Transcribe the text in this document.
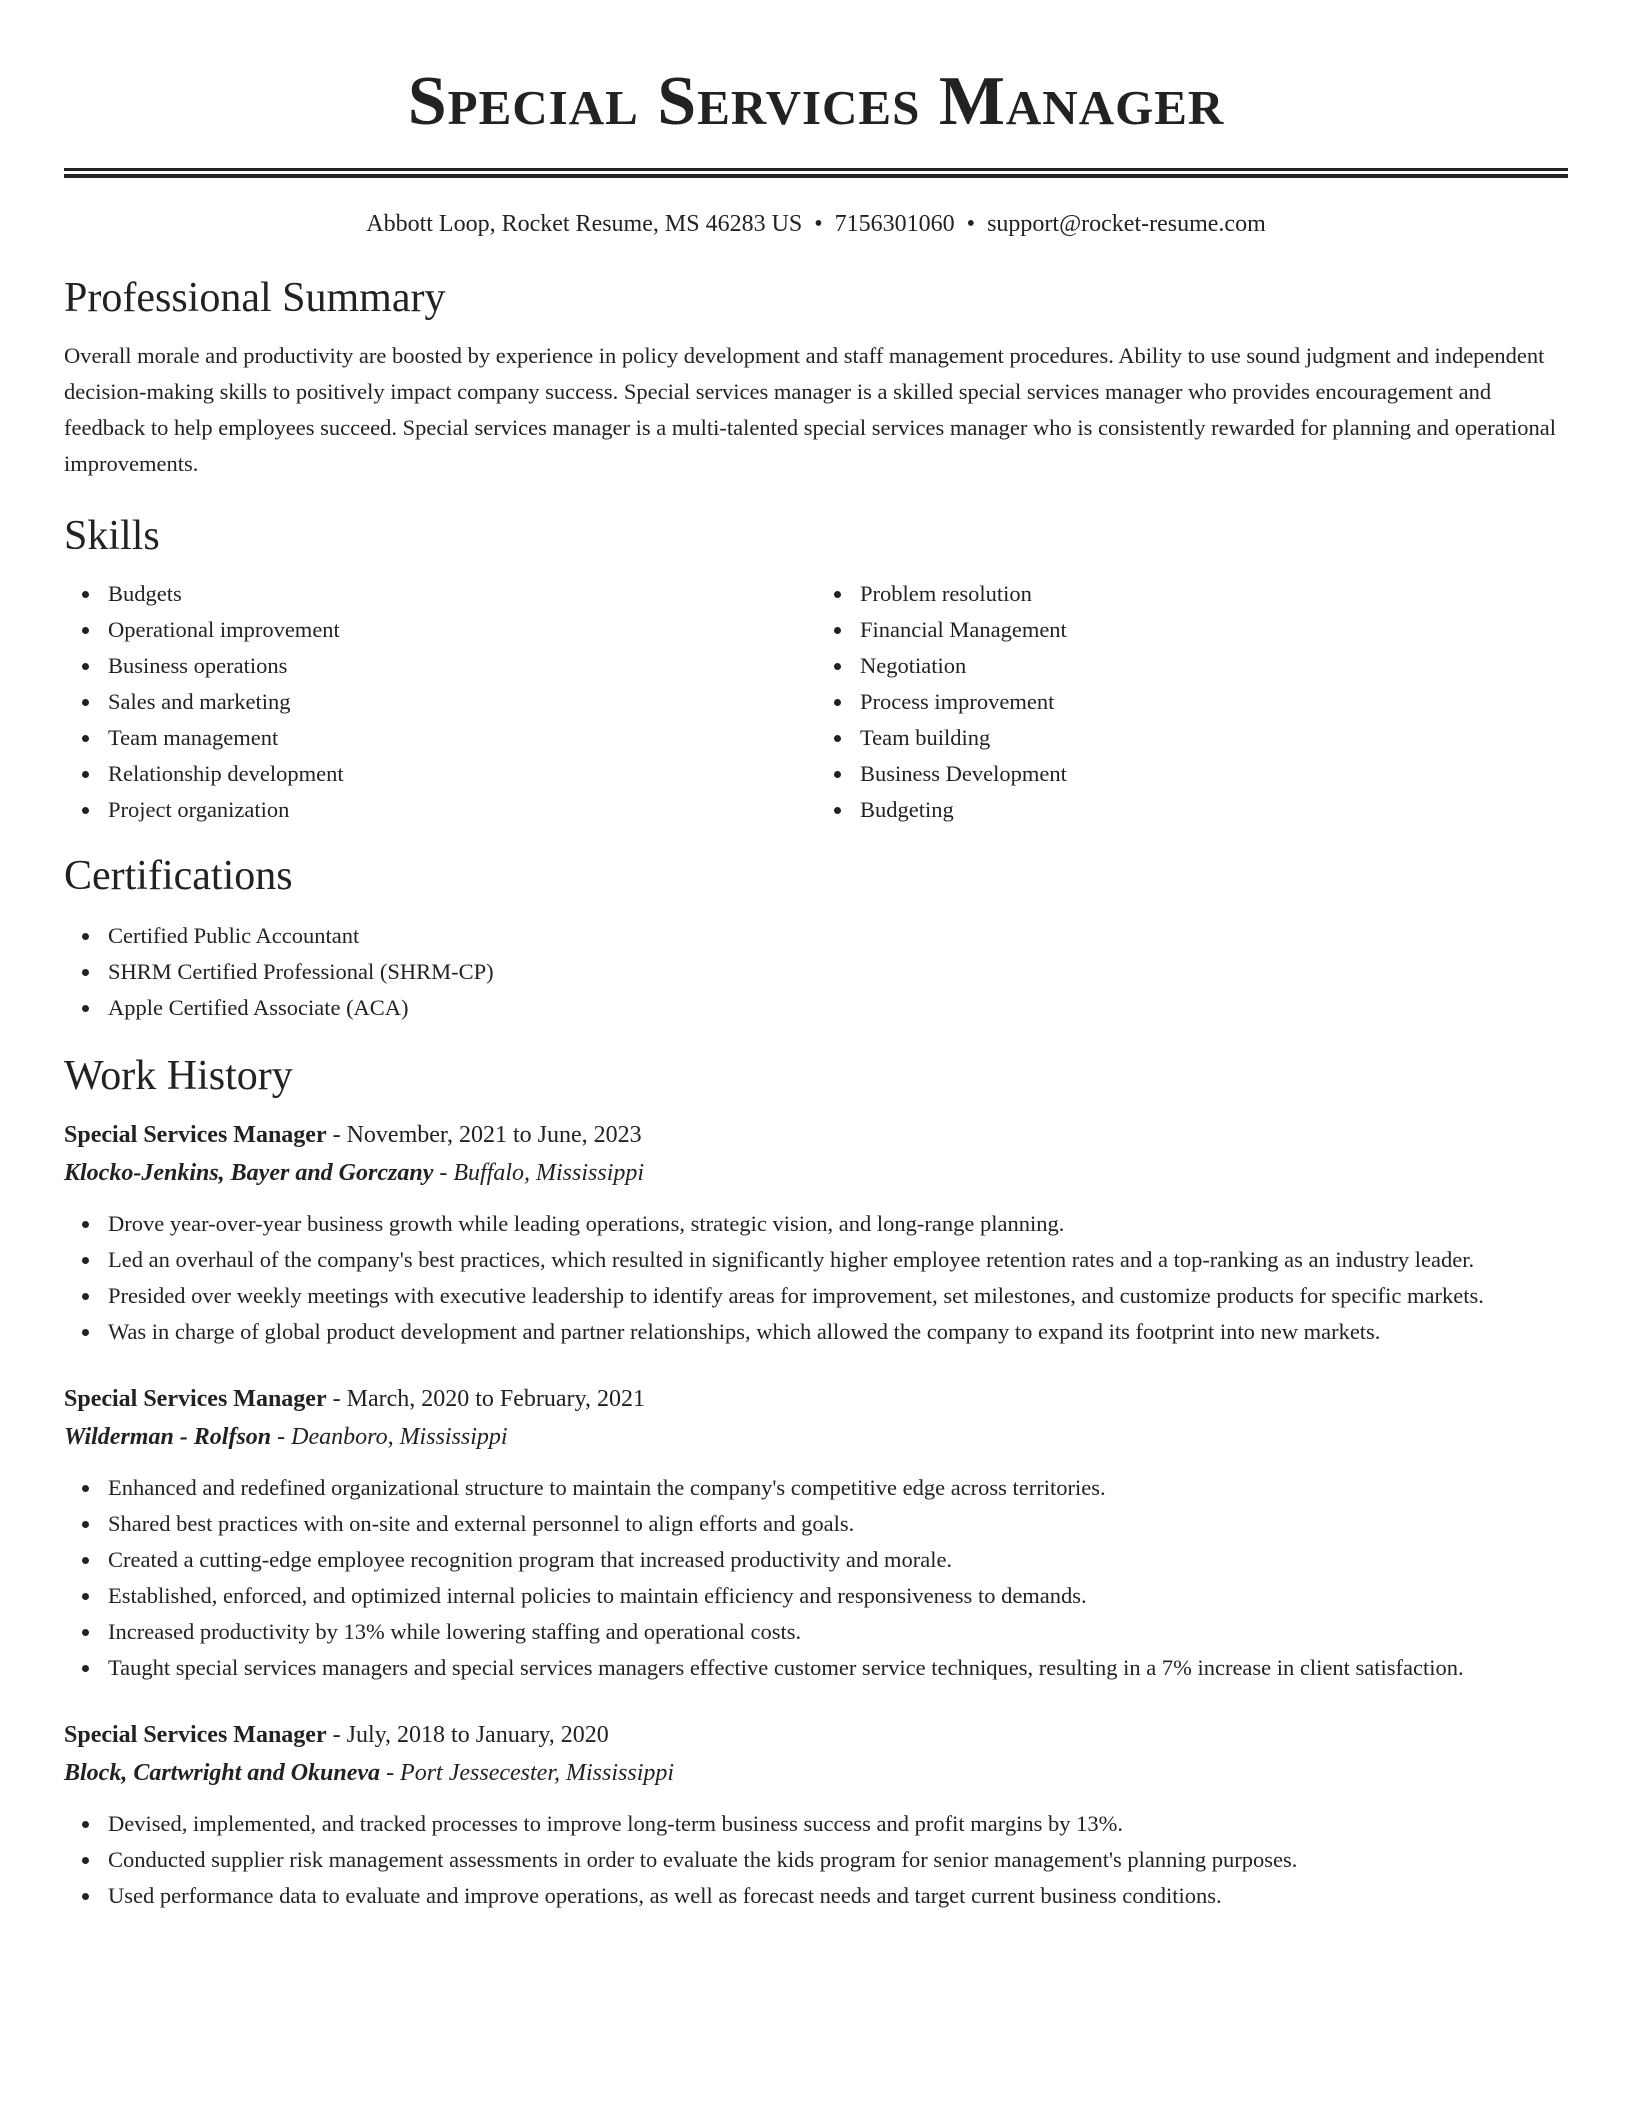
Special Services Manager
Abbott Loop, Rocket Resume, MS 46283 US • 7156301060 • support@rocket-resume.com
Professional Summary

Overall morale and productivity are boosted by experience in policy development and staff management procedures. Ability to use sound judgment and independent decision-making skills to positively impact company success. Special services manager is a skilled special services manager who provides encouragement and feedback to help employees succeed. Special services manager is a multi-talented special services manager who is consistently rewarded for planning and operational improvements.

Skills
Budgets
Operational improvement
Business operations
Sales and marketing
Team management
Relationship development
Project organization
Problem resolution
Financial Management
Negotiation
Process improvement
Team building
Business Development
Budgeting
Certifications
Certified Public Accountant
SHRM Certified Professional (SHRM-CP)
Apple Certified Associate (ACA)
Work History
Special Services Manager - November, 2021 to June, 2023
Klocko-Jenkins, Bayer and Gorczany - Buffalo, Mississippi
Drove year-over-year business growth while leading operations, strategic vision, and long-range planning.
Led an overhaul of the company's best practices, which resulted in significantly higher employee retention rates and a top-ranking as an industry leader.
Presided over weekly meetings with executive leadership to identify areas for improvement, set milestones, and customize products for specific markets.
Was in charge of global product development and partner relationships, which allowed the company to expand its footprint into new markets.
Special Services Manager - March, 2020 to February, 2021
Wilderman - Rolfson - Deanboro, Mississippi
Enhanced and redefined organizational structure to maintain the company's competitive edge across territories.
Shared best practices with on-site and external personnel to align efforts and goals.
Created a cutting-edge employee recognition program that increased productivity and morale.
Established, enforced, and optimized internal policies to maintain efficiency and responsiveness to demands.
Increased productivity by 13% while lowering staffing and operational costs.
Taught special services managers and special services managers effective customer service techniques, resulting in a 7% increase in client satisfaction.
Special Services Manager - July, 2018 to January, 2020
Block, Cartwright and Okuneva - Port Jessecester, Mississippi
Devised, implemented, and tracked processes to improve long-term business success and profit margins by 13%.
Conducted supplier risk management assessments in order to evaluate the kids program for senior management's planning purposes.
Used performance data to evaluate and improve operations, as well as forecast needs and target current business conditions.
